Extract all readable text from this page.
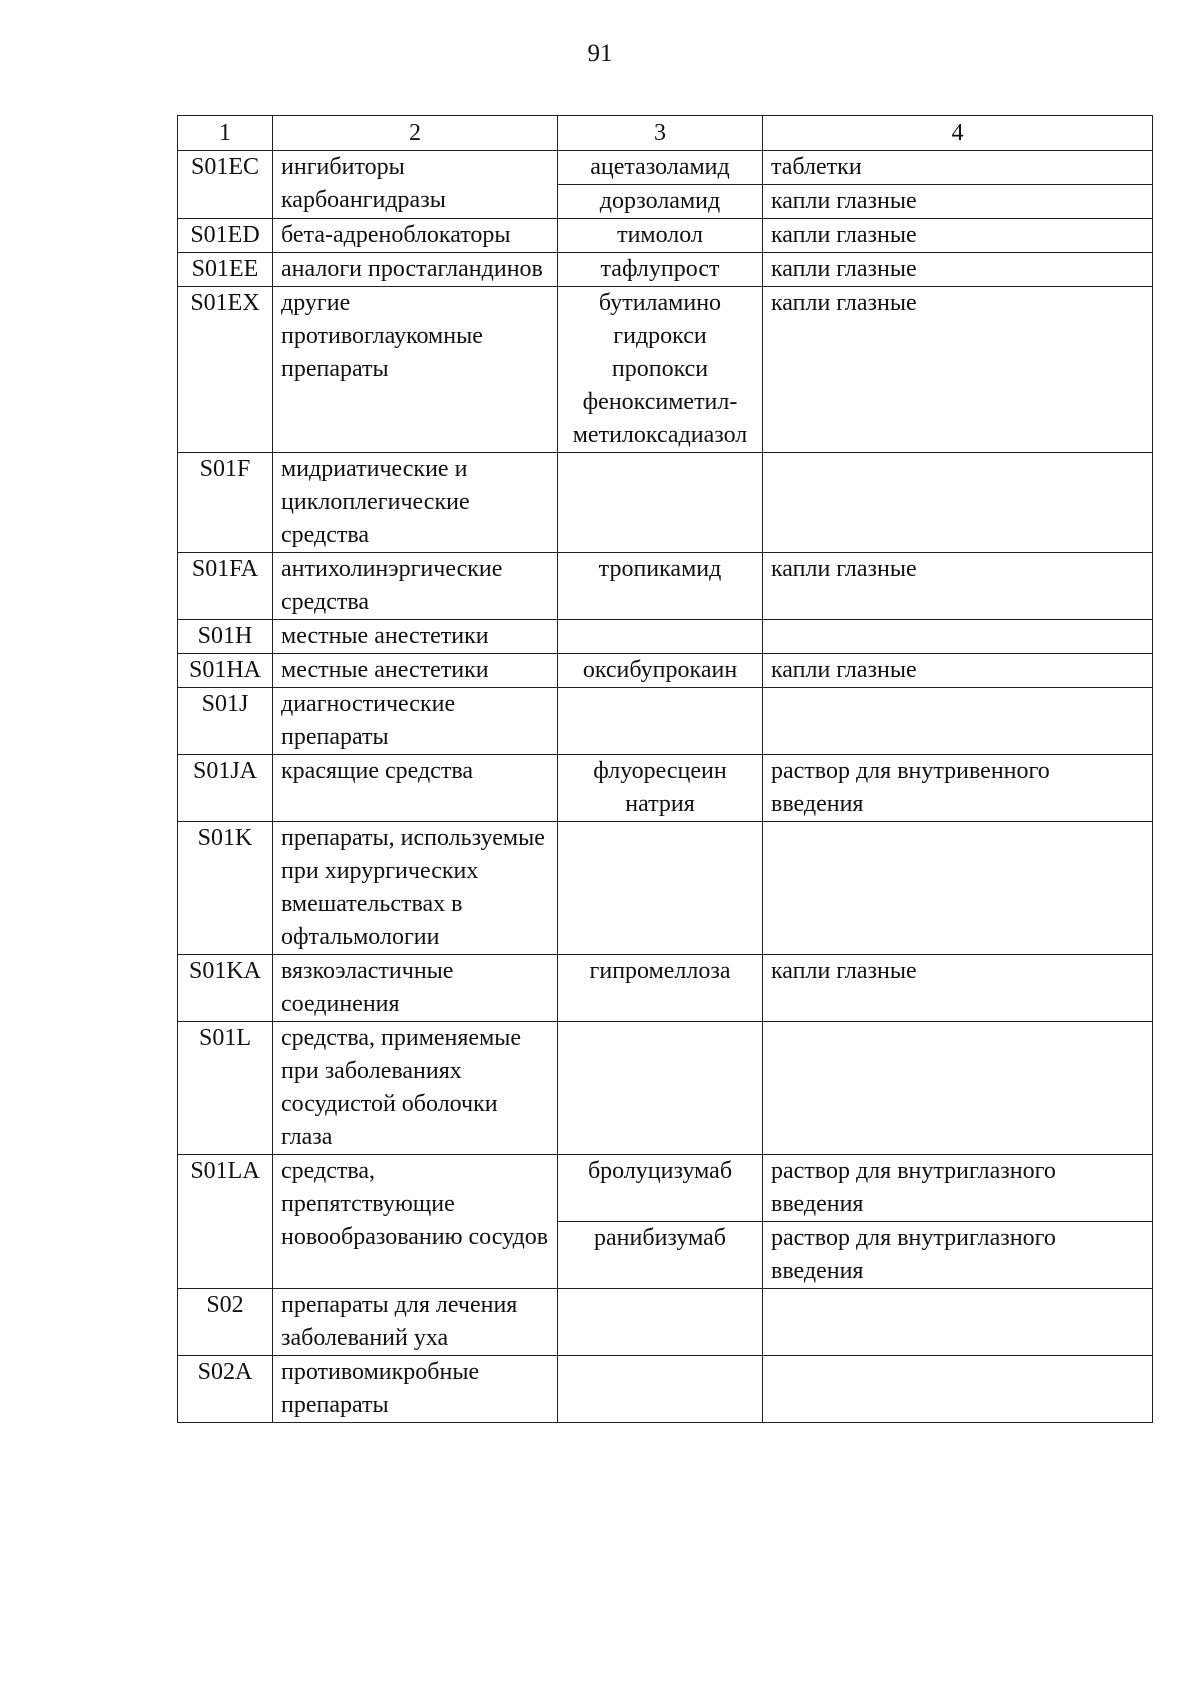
91
1	2	3	4
S01EC	ингибиторы карбоангидразы	ацетазоламид	таблетки
		дорзоламид	капли глазные
S01ED	бета-адреноблокаторы	тимолол	капли глазные
S01EE	аналоги простагландинов	тафлупрост	капли глазные
S01EX	другие противоглаукомные препараты	бутиламино гидрокси пропокси феноксиметил-метилоксадиазол	капли глазные
S01F	мидриатические и циклоплегические средства		
S01FA	антихолинэргические средства	тропикамид	капли глазные
S01H	местные анестетики		
S01HA	местные анестетики	оксибупрокаин	капли глазные
S01J	диагностические препараты		
S01JA	красящие средства	флуоресцеин натрия	раствор для внутривенного введения
S01K	препараты, используемые при хирургических вмешательствах в офтальмологии		
S01KA	вязкоэластичные соединения	гипромеллоза	капли глазные
S01L	средства, применяемые при заболеваниях сосудистой оболочки глаза		
S01LA	средства, препятствующие новообразованию сосудов	бролуцизумаб	раствор для внутриглазного введения
		ранибизумаб	раствор для внутриглазного введения
S02	препараты для лечения заболеваний уха		
S02A	противомикробные препараты		
